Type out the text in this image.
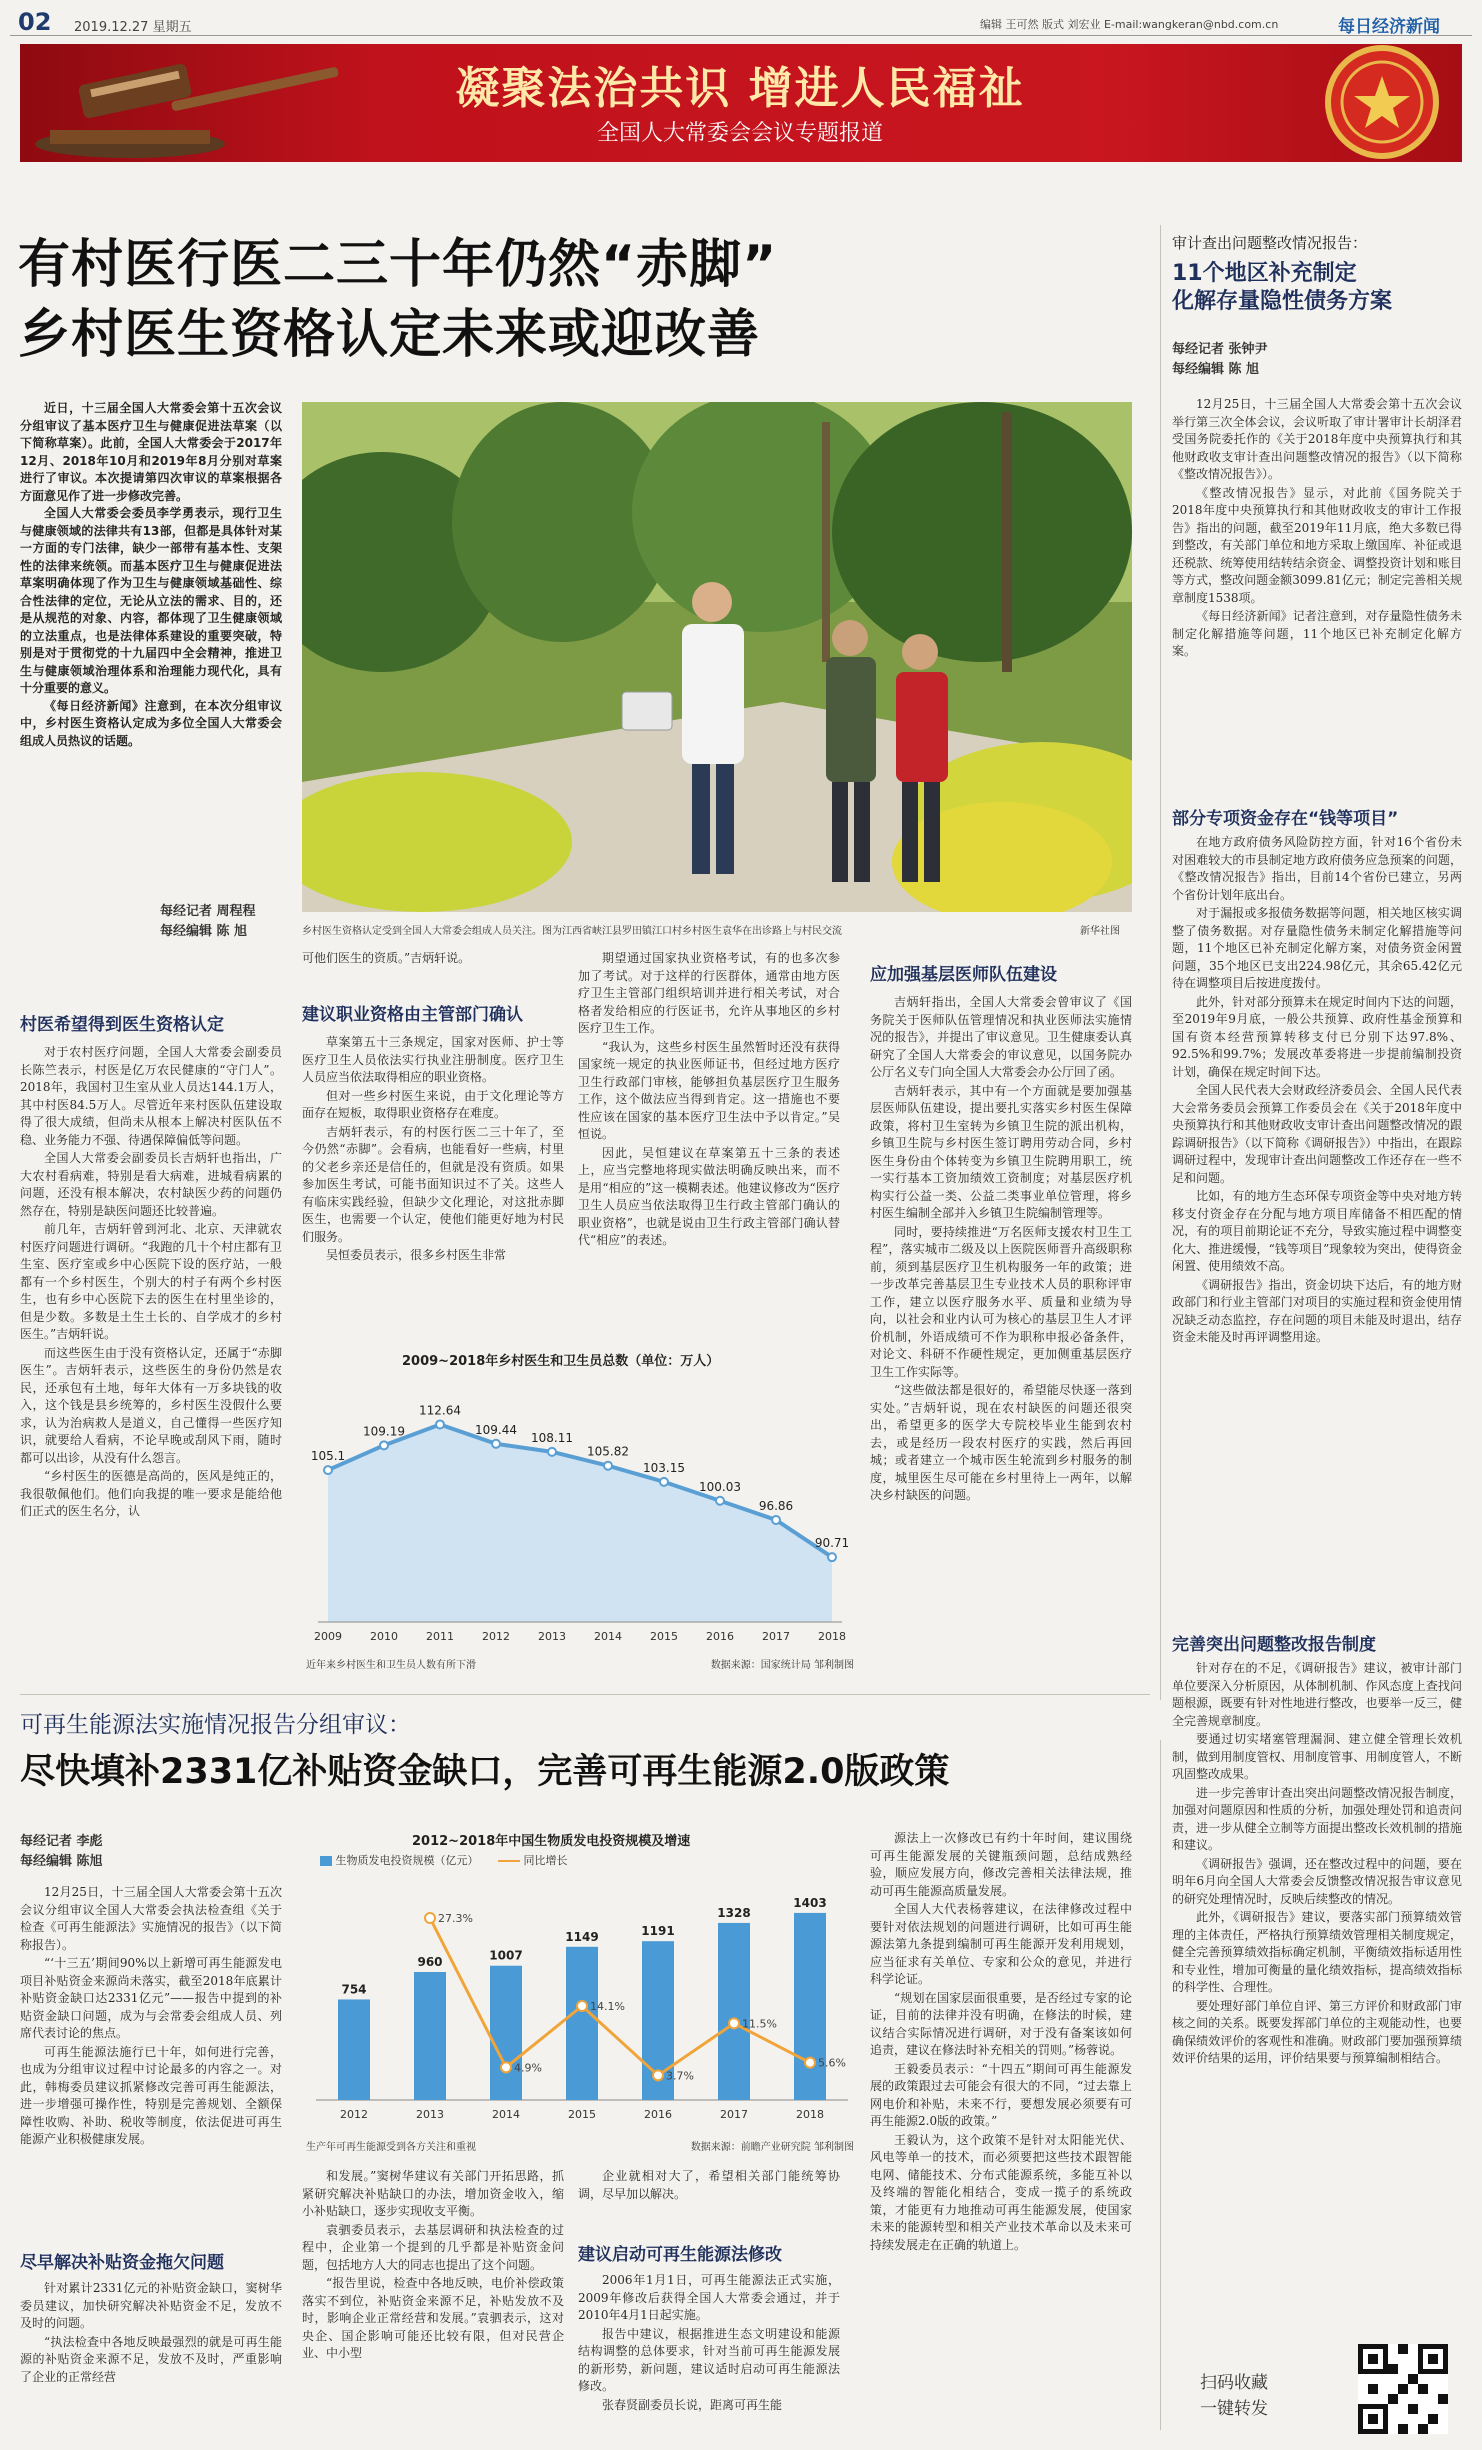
02 2019.12.27 星期五	编辑 王可然 版式 刘宏业 E-mail:wangkeran@nbd.com.cn	每日经济新闻
凝聚法治共识 增进人民福祉
全国人大常委会会议专题报道
有村医行医二三十年仍然“赤脚”
乡村医生资格认定未来或迎改善

近日，十三届全国人大常委会第十五次会议分组审议了基本医疗卫生与健康促进法草案（以下简称草案）。此前，全国人大常委会于2017年12月、2018年10月和2019年8月分别对草案进行了审议。本次提请第四次审议的草案根据各方面意见作了进一步修改完善。

全国人大常委会委员李学勇表示，现行卫生与健康领域的法律共有13部，但都是具体针对某一方面的专门法律，缺少一部带有基本性、支架性的法律来统领。而基本医疗卫生与健康促进法草案明确体现了作为卫生与健康领域基础性、综合性法律的定位，无论从立法的需求、目的，还是从规范的对象、内容，都体现了卫生健康领域的立法重点，也是法律体系建设的重要突破，特别是对于贯彻党的十九届四中全会精神，推进卫生与健康领域治理体系和治理能力现代化，具有十分重要的意义。

《每日经济新闻》注意到，在本次分组审议中，乡村医生资格认定成为多位全国人大常委会组成人员热议的话题。

每经记者 周程程
每经编辑 陈 旭	乡村医生资格认定受到全国人大常委会组成人员关注。图为江西省峡江县罗田镇江口村乡村医生袁华在出诊路上与村民交流	新华社图
村医希望得到医生资格认定

对于农村医疗问题，全国人大常委会副委员长陈竺表示，村医是亿万农民健康的“守门人”。2018年，我国村卫生室从业人员达144.1万人，其中村医84.5万人。尽管近年来村医队伍建设取得了很大成绩，但尚未从根本上解决村医队伍不稳、业务能力不强、待遇保障偏低等问题。

全国人大常委会副委员长吉炳轩也指出，广大农村看病难，特别是看大病难，进城看病累的问题，还没有根本解决，农村缺医少药的问题仍然存在，特别是缺医问题还比较普遍。

前几年，吉炳轩曾到河北、北京、天津就农村医疗问题进行调研。“我跑的几十个村庄都有卫生室、医疗室或乡中心医院下设的医疗站，一般都有一个乡村医生，个别大的村子有两个乡村医生，也有乡中心医院下去的医生在村里坐诊的，但是少数。多数是土生土长的、自学成才的乡村医生。”吉炳轩说。

而这些医生由于没有资格认定，还属于“赤脚医生”。吉炳轩表示，这些医生的身份仍然是农民，还承包有土地，每年大体有一万多块钱的收入，这个钱是县乡统筹的，乡村医生没假什么要求，认为治病救人是道义，自己懂得一些医疗知识，就要给人看病，不论早晚或刮风下雨，随时都可以出诊，从没有什么怨言。

“乡村医生的医德是高尚的，医风是纯正的，我很敬佩他们。他们向我提的唯一要求是能给他们正式的医生名分，认

可他们医生的资质。”吉炳轩说。

建议职业资格由主管部门确认

草案第五十三条规定，国家对医师、护士等医疗卫生人员依法实行执业注册制度。医疗卫生人员应当依法取得相应的职业资格。

但对一些乡村医生来说，由于文化理论等方面存在短板，取得职业资格存在难度。

吉炳轩表示，有的村医行医二三十年了，至今仍然“赤脚”。会看病，也能看好一些病，村里的父老乡亲还是信任的，但就是没有资质。如果参加医生考试，可能书面知识过不了关。这些人有临床实践经验，但缺少文化理论，对这批赤脚医生，也需要一个认定，使他们能更好地为村民们服务。

吴恒委员表示，很多乡村医生非常

期望通过国家执业资格考试，有的也多次参加了考试。对于这样的行医群体，通常由地方医疗卫生主管部门组织培训并进行相关考试，对合格者发给相应的行医证书，允许从事地区的乡村医疗卫生工作。

“我认为，这些乡村医生虽然暂时还没有获得国家统一规定的执业医师证书，但经过地方医疗卫生行政部门审核，能够担负基层医疗卫生服务工作，这个做法应当得到肯定。这一措施也不要性应该在国家的基本医疗卫生法中予以肯定。”吴恒说。

因此，吴恒建议在草案第五十三条的表述上，应当完整地将现实做法明确反映出来，而不是用“相应的”这一模糊表述。他建议修改为“医疗卫生人员应当依法取得卫生行政主管部门确认的职业资格”，也就是说由卫生行政主管部门确认替代“相应”的表述。

应加强基层医师队伍建设

吉炳轩指出，全国人大常委会曾审议了《国务院关于医师队伍管理情况和执业医师法实施情况的报告》，并提出了审议意见。卫生健康委认真研究了全国人大常委会的审议意见，以国务院办公厅名义专门向全国人大常委会办公厅回了函。

吉炳轩表示，其中有一个方面就是要加强基层医师队伍建设，提出要扎实落实乡村医生保障政策，将村卫生室转为乡镇卫生院的派出机构，乡镇卫生院与乡村医生签订聘用劳动合同，乡村医生身份由个体转变为乡镇卫生院聘用职工，统一实行基本工资加绩效工资制度；对基层医疗机构实行公益一类、公益二类事业单位管理，将乡村医生编制全部并入乡镇卫生院编制管理等。

同时，要持续推进“万名医师支援农村卫生工程”，落实城市二级及以上医院医师晋升高级职称前，须到基层医疗卫生机构服务一年的政策；进一步改革完善基层卫生专业技术人员的职称评审工作，建立以医疗服务水平、质量和业绩为导向，以社会和业内认可为核心的基层卫生人才评价机制，外语成绩可不作为职称申报必备条件，对论文、科研不作硬性规定，更加侧重基层医疗卫生工作实际等。

“这些做法都是很好的，希望能尽快逐一落到实处。”吉炳轩说，现在农村缺医的问题还很突出，希望更多的医学大专院校毕业生能到农村去，或是经历一段农村医疗的实践，然后再回城；或者建立一个城市医生轮流到乡村服务的制度，城里医生尽可能在乡村里待上一两年，以解决乡村缺医的问题。

2009~2018年乡村医生和卫生员总数（单位：万人）
105.1
2009
109.19
2010
112.64
2011
109.44
2012
108.11
2013
105.82
2014
103.15
2015
100.03
2016
96.86
2017
90.71
2018
近年来乡村医生和卫生员人数有所下滑	数据来源：国家统计局 邹利制图
审计查出问题整改情况报告：
11个地区补充制定
化解存量隐性债务方案
每经记者 张钟尹
每经编辑 陈 旭

12月25日，十三届全国人大常委会第十五次会议举行第三次全体会议，会议听取了审计署审计长胡泽君受国务院委托作的《关于2018年度中央预算执行和其他财政收支审计查出问题整改情况的报告》（以下简称《整改情况报告》）。

《整改情况报告》显示，对此前《国务院关于2018年度中央预算执行和其他财政收支的审计工作报告》指出的问题，截至2019年11月底，绝大多数已得到整改，有关部门单位和地方采取上缴国库、补征或退还税款、统筹使用结转结余资金、调整投资计划和账目等方式，整改问题金额3099.81亿元；制定完善相关规章制度1538项。

《每日经济新闻》记者注意到，对存量隐性债务未制定化解措施等问题，11个地区已补充制定化解方案。

部分专项资金存在“钱等项目”

在地方政府债务风险防控方面，针对16个省份未对困难较大的市县制定地方政府债务应急预案的问题，《整改情况报告》指出，目前14个省份已建立，另两个省份计划年底出台。

对于漏报或多报债务数据等问题，相关地区核实调整了债务数据。对存量隐性债务未制定化解措施等问题，11个地区已补充制定化解方案，对债务资金闲置问题，35个地区已支出224.98亿元，其余65.42亿元待在调整项目后按进度拨付。

此外，针对部分预算未在规定时间内下达的问题，至2019年9月底，一般公共预算、政府性基金预算和国有资本经营预算转移支付已分别下达97.8%、92.5%和99.7%；发展改革委将进一步提前编制投资计划，确保在规定时间下达。

全国人民代表大会财政经济委员会、全国人民代表大会常务委员会预算工作委员会在《关于2018年度中央预算执行和其他财政收支审计查出问题整改情况的跟踪调研报告》（以下简称《调研报告》）中指出，在跟踪调研过程中，发现审计查出问题整改工作还存在一些不足和问题。

比如，有的地方生态环保专项资金等中央对地方转移支付资金存在分配与地方项目库储备不相匹配的情况，有的项目前期论证不充分，导致实施过程中调整变化大、推进缓慢，“钱等项目”现象较为突出，使得资金闲置、使用绩效不高。

《调研报告》指出，资金切块下达后，有的地方财政部门和行业主管部门对项目的实施过程和资金使用情况缺乏动态监控，存在问题的项目未能及时退出，结存资金未能及时再评调整用途。

完善突出问题整改报告制度

针对存在的不足，《调研报告》建议，被审计部门单位要深入分析原因，从体制机制、作风态度上查找问题根源，既要有针对性地进行整改，也要举一反三，健全完善规章制度。

要通过切实堵塞管理漏洞、建立健全管理长效机制，做到用制度管权、用制度管事、用制度管人，不断巩固整改成果。

进一步完善审计查出突出问题整改情况报告制度，加强对问题原因和性质的分析，加强处理处罚和追责问责，进一步从健全立制等方面提出整改长效机制的措施和建议。

《调研报告》强调，还在整改过程中的问题，要在明年6月向全国人大常委会反馈整改情况报告审议意见的研究处理情况时，反映后续整改的情况。

此外，《调研报告》建议，要落实部门预算绩效管理的主体责任，严格执行预算绩效管理相关制度规定，健全完善预算绩效指标确定机制，平衡绩效指标适用性和专业性，增加可衡量的量化绩效指标，提高绩效指标的科学性、合理性。

要处理好部门单位自评、第三方评价和财政部门审核之间的关系。既要发挥部门单位的主观能动性，也要确保绩效评价的客观性和准确。财政部门要加强预算绩效评价结果的运用，评价结果要与预算编制相结合。

扫码收藏
一键转发
可再生能源法实施情况报告分组审议：
尽快填补2331亿补贴资金缺口，完善可再生能源2.0版政策
每经记者 李彪
每经编辑 陈旭

12月25日，十三届全国人大常委会第十五次会议分组审议全国人大常委会执法检查组《关于检查《可再生能源法》实施情况的报告》（以下简称报告）。

“‘十三五’期间90%以上新增可再生能源发电项目补贴资金来源尚未落实，截至2018年底累计补贴资金缺口达2331亿元”——报告中提到的补贴资金缺口问题，成为与会常委会组成人员、列席代表讨论的焦点。

可再生能源法施行已十年，如何进行完善，也成为分组审议过程中讨论最多的内容之一。对此，韩梅委员建议抓紧修改完善可再生能源法，进一步增强可操作性，特别是完善规划、全额保障性收购、补助、税收等制度，依法促进可再生能源产业积极健康发展。

尽早解决补贴资金拖欠问题

针对累计2331亿元的补贴资金缺口，窦树华委员建议，加快研究解决补贴资金不足，发放不及时的问题。

“执法检查中各地反映最强烈的就是可再生能源的补贴资金来源不足，发放不及时，严重影响了企业的正常经营

2012~2018年中国生物质发电投资规模及增速
生物质发电投资规模（亿元）	同比增长
754
2012
960
2013
1007
2014
1149
2015
1191
2016
1328
2017
1403
2018
27.3%
4.9%
14.1%
3.7%
11.5%
5.6%
生产年可再生能源受到各方关注和重视	数据来源：前瞻产业研究院 邹利制图

和发展。”窦树华建议有关部门开拓思路，抓紧研究解决补贴缺口的办法，增加资金收入，缩小补贴缺口，逐步实现收支平衡。

袁驷委员表示，去基层调研和执法检查的过程中，企业第一个提到的几乎都是补贴资金问题，包括地方人大的同志也提出了这个问题。

“报告里说，检查中各地反映，电价补偿政策落实不到位，补贴资金来源不足，补贴发放不及时，影响企业正常经营和发展。”袁驷表示，这对央企、国企影响可能还比较有限，但对民营企业、中小型

企业就相对大了，希望相关部门能统筹协调，尽早加以解决。

建议启动可再生能源法修改

2006年1月1日，可再生能源法正式实施，2009年修改后获得全国人大常委会通过，并于2010年4月1日起实施。

报告中建议，根据推进生态文明建设和能源结构调整的总体要求，针对当前可再生能源发展的新形势，新问题，建议适时启动可再生能源法修改。

张春贤副委员长说，距离可再生能

源法上一次修改已有约十年时间，建议围绕可再生能源发展的关键瓶颈问题，总结成熟经验，顺应发展方向，修改完善相关法律法规，推动可再生能源高质量发展。

全国人大代表杨蓉建议，在法律修改过程中要针对依法规划的问题进行调研，比如可再生能源法第九条提到编制可再生能源开发利用规划，应当征求有关单位、专家和公众的意见，并进行科学论证。

“规划在国家层面很重要，是否经过专家的论证，目前的法律并没有明确，在修法的时候，建议结合实际情况进行调研，对于没有备案该如何追责，建议在修法时补充相关的罚则。”杨蓉说。

王毅委员表示：“十四五”期间可再生能源发展的政策跟过去可能会有很大的不同，“过去靠上网电价和补贴，未来不行，要想发展必须要有可再生能源2.0版的政策。”

王毅认为，这个政策不是针对太阳能光伏、风电等单一的技术，而必须要把这些技术跟智能电网、储能技术、分布式能源系统，多能互补以及终端的智能化相结合，变成一揽子的系统政策，才能更有力地推动可再生能源发展，使国家未来的能源转型和相关产业技术革命以及未来可持续发展走在正确的轨道上。
